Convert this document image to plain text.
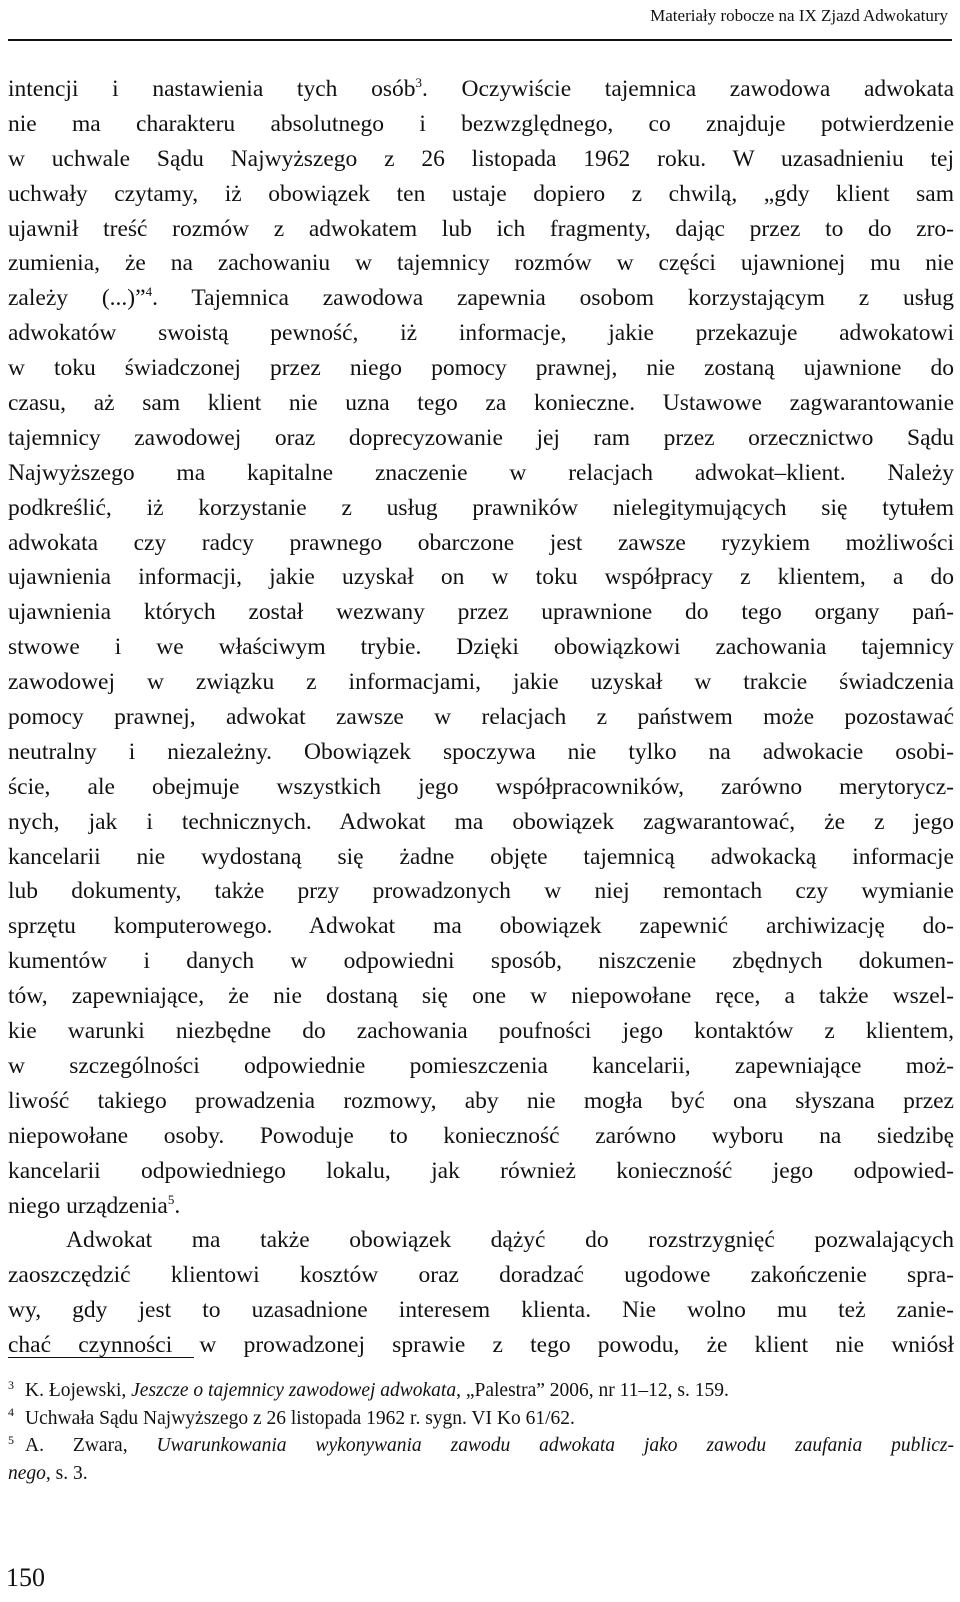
Materiały robocze na IX Zjazd Adwokatury
intencji i nastawienia tych osób$^3$. Oczywiście tajemnica zawodowa adwokata
nie ma charakteru absolutnego i bezwzględnego, co znajduje potwierdzenie
w uchwale Sądu Najwyższego z 26 listopada 1962 roku. W uzasadnieniu tej
uchwały czytamy, iż obowiązek ten ustaje dopiero z chwilą, „gdy klient sam
ujawnił treść rozmów z adwokatem lub ich fragmenty, dając przez to do zro-
zumienia, że na zachowaniu w tajemnicy rozmów w części ujawnionej mu nie
zależy (...)”$^4$. Tajemnica zawodowa zapewnia osobom korzystającym z usług
adwokatów swoistą pewność, iż informacje, jakie przekazuje adwokatowi
w toku świadczonej przez niego pomocy prawnej, nie zostaną ujawnione do
czasu, aż sam klient nie uzna tego za konieczne. Ustawowe zagwarantowanie
tajemnicy zawodowej oraz doprecyzowanie jej ram przez orzecznictwo Sądu
Najwyższego ma kapitalne znaczenie w relacjach adwokat–klient. Należy
podkreślić, iż korzystanie z usług prawników nielegitymujących się tytułem
adwokata czy radcy prawnego obarczone jest zawsze ryzykiem możliwości
ujawnienia informacji, jakie uzyskał on w toku współpracy z klientem, a do
ujawnienia których został wezwany przez uprawnione do tego organy pań-
stwowe i we właściwym trybie. Dzięki obowiązkowi zachowania tajemnicy
zawodowej w związku z informacjami, jakie uzyskał w trakcie świadczenia
pomocy prawnej, adwokat zawsze w relacjach z państwem może pozostawać
neutralny i niezależny. Obowiązek spoczywa nie tylko na adwokacie osobi-
ście, ale obejmuje wszystkich jego współpracowników, zarówno merytorycz-
nych, jak i technicznych. Adwokat ma obowiązek zagwarantować, że z jego
kancelarii nie wydostaną się żadne objęte tajemnicą adwokacką informacje
lub dokumenty, także przy prowadzonych w niej remontach czy wymianie
sprzętu komputerowego. Adwokat ma obowiązek zapewnić archiwizację do-
kumentów i danych w odpowiedni sposób, niszczenie zbędnych dokumen-
tów, zapewniające, że nie dostaną się one w niepowołane ręce, a także wszel-
kie warunki niezbędne do zachowania poufności jego kontaktów z klientem,
w szczególności odpowiednie pomieszczenia kancelarii, zapewniające moż-
liwość takiego prowadzenia rozmowy, aby nie mogła być ona słyszana przez
niepowołane osoby. Powoduje to konieczność zarówno wyboru na siedzibę
kancelarii odpowiedniego lokalu, jak również konieczność jego odpowied-
niego urządzenia$^5$.
Adwokat ma także obowiązek dążyć do rozstrzygnięć pozwalających
zaoszczędzić klientowi kosztów oraz doradzać ugodowe zakończenie spra-
wy, gdy jest to uzasadnione interesem klienta. Nie wolno mu też zanie-
chać czynności w prowadzonej sprawie z tego powodu, że klient nie wniósł
3 K. Łojewski, Jeszcze o tajemnicy zawodowej adwokata, „Palestra” 2006, nr 11–12, s. 159.
4 Uchwała Sądu Najwyższego z 26 listopada 1962 r. sygn. VI Ko 61/62.
5 A. Zwara, Uwarunkowania wykonywania zawodu adwokata jako zawodu zaufania publicz-
nego, s. 3.
150
